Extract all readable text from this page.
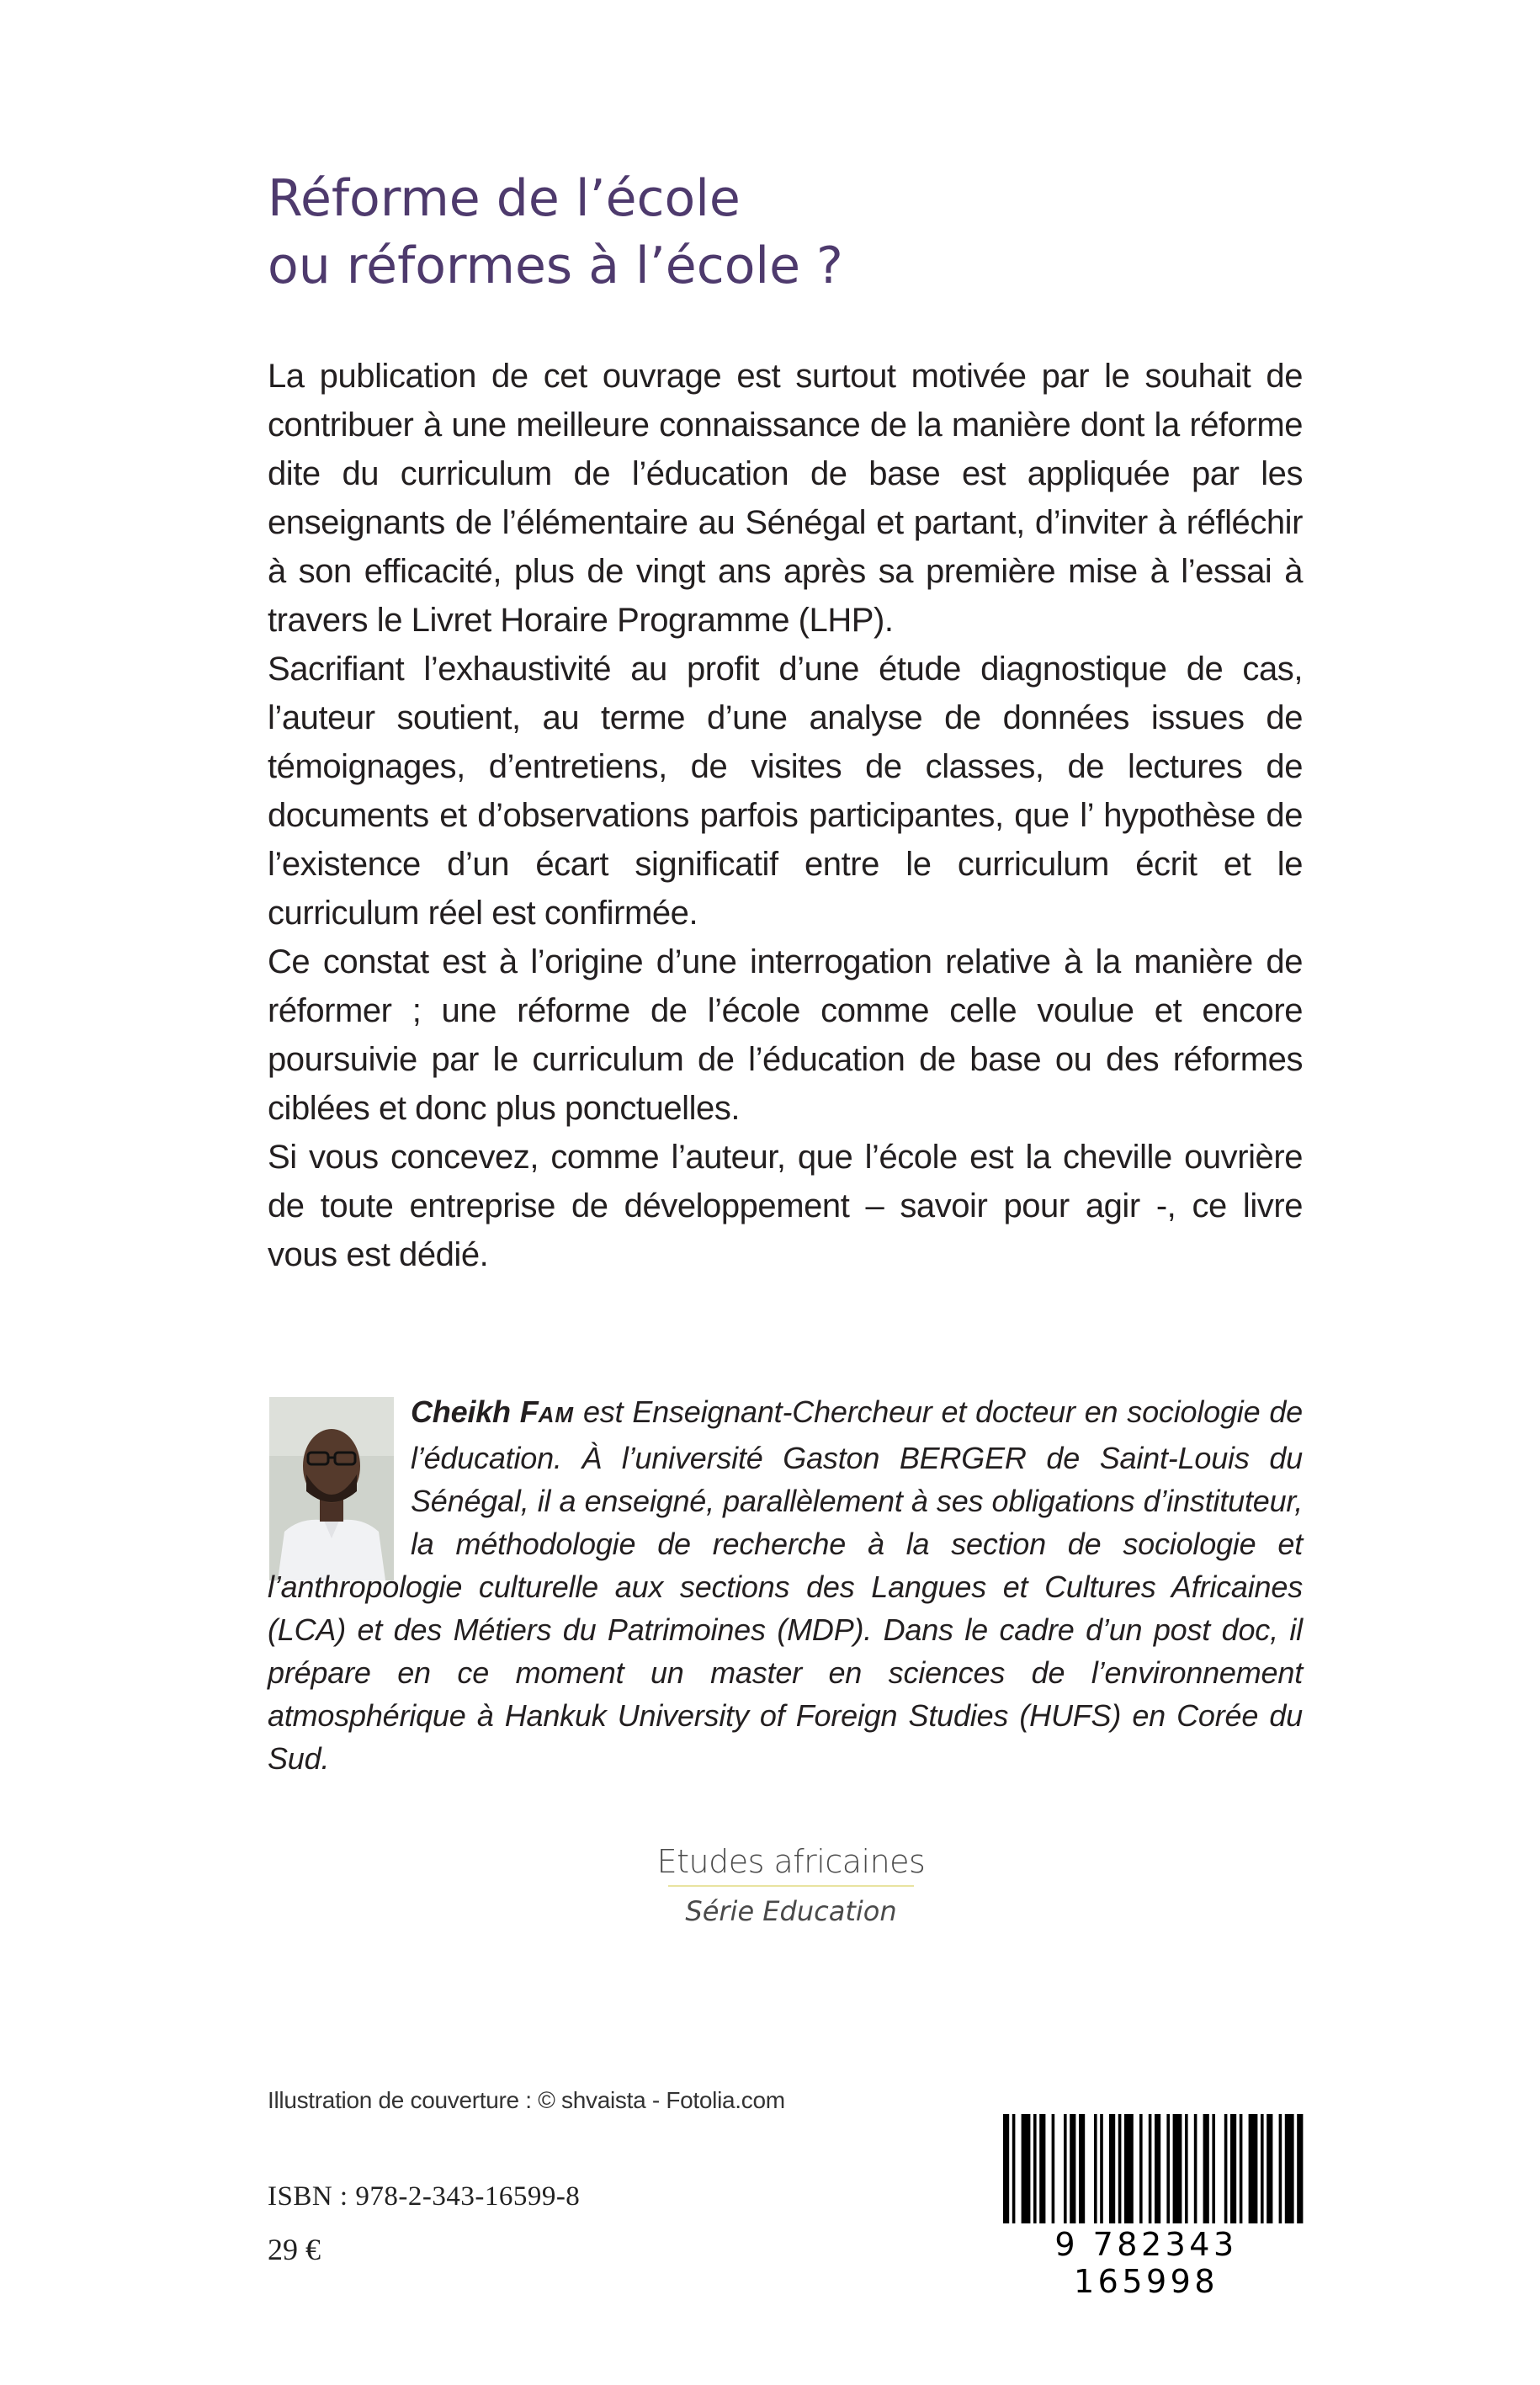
Réforme de l’école
ou réformes à l’école ?

La publication de cet ouvrage est surtout motivée par le souhait de contribuer à une meilleure connaissance de la manière dont la réforme dite du curriculum de l’éducation de base est appliquée par les enseignants de l’élémentaire au Sénégal et partant, d’inviter à réfléchir à son efficacité, plus de vingt ans après sa première mise à l’essai à travers le Livret Horaire Programme (LHP).

Sacrifiant l’exhaustivité au profit d’une étude diagnostique de cas, l’auteur soutient, au terme d’une analyse de données issues de témoignages, d’entretiens, de visites de classes, de lectures de documents et d’observations parfois participantes, que l’ hypothèse de l’existence d’un écart significatif entre le curriculum écrit et le curriculum réel est confirmée.

Ce constat est à l’origine d’une interrogation relative à la manière de réformer ; une réforme de l’école comme celle voulue et encore poursuivie par le curriculum de l’éducation de base ou des réformes ciblées et donc plus ponctuelles.

Si vous concevez, comme l’auteur, que l’école est la cheville ouvrière de toute entreprise de développement – savoir pour agir -, ce livre vous est dédié.

Cheikh FAM est Enseignant-Chercheur et docteur en sociologie de l’éducation. À l’université Gaston BERGER de Saint-Louis du Sénégal, il a enseigné, parallèlement à ses obligations d’instituteur, la méthodologie de recherche à la section de sociologie et l’anthropologie culturelle aux sections des Langues et Cultures Africaines (LCA) et des Métiers du Patrimoines (MDP). Dans le cadre d’un post doc, il prépare en ce moment un master en sciences de l’environnement atmosphérique à Hankuk University of Foreign Studies (HUFS) en Corée du Sud.
Etudes africaines
Série Education
Illustration de couverture : © shvaista - Fotolia.com
ISBN : 978-2-343-16599-8
29 €	9 782343 165998
